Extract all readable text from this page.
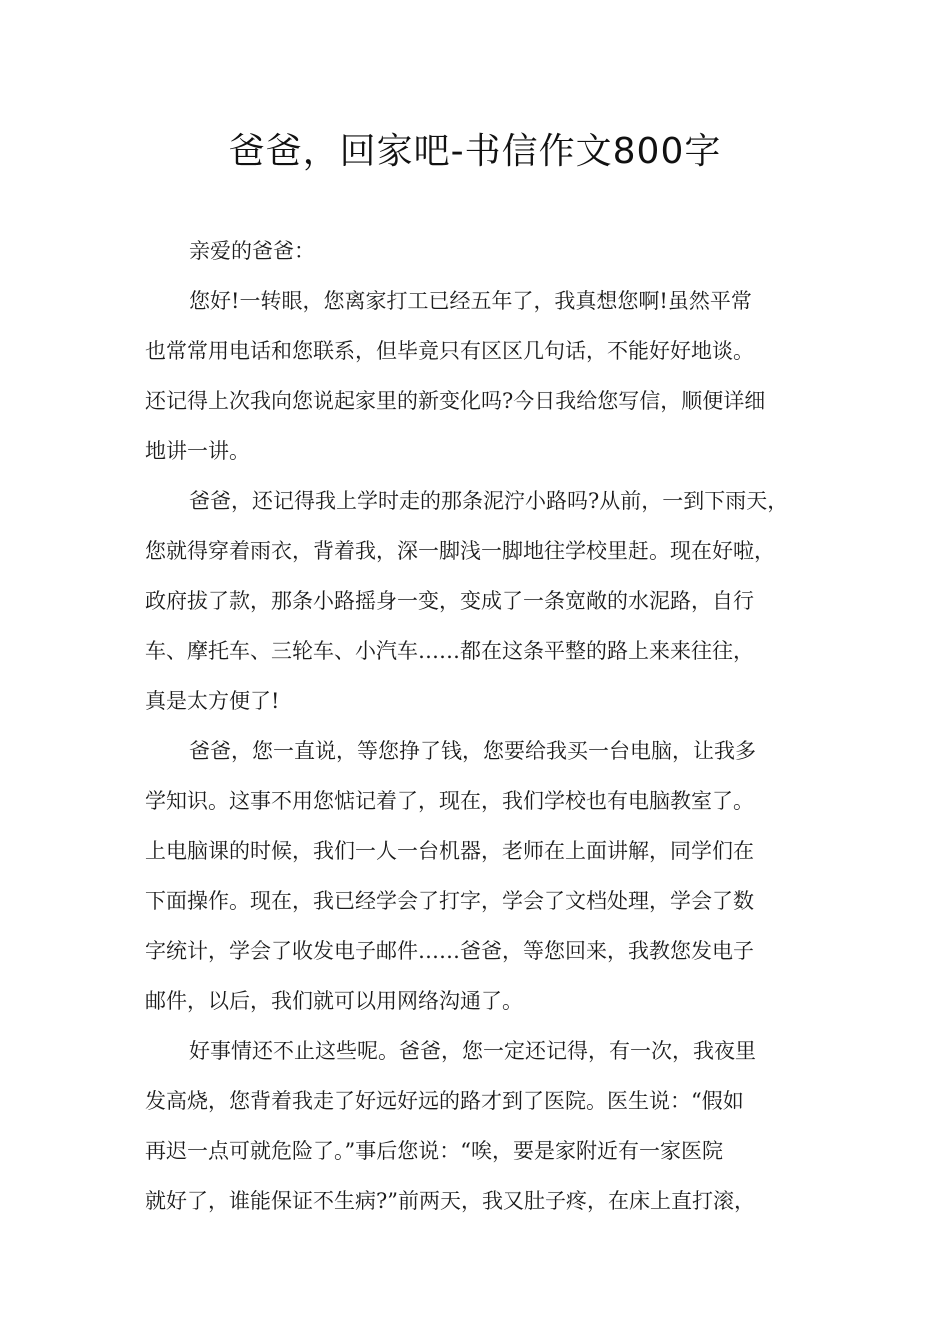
爸爸，回家吧-书信作文800字
亲爱的爸爸：
您好!一转眼，您离家打工已经五年了，我真想您啊!虽然平常
也常常用电话和您联系，但毕竟只有区区几句话，不能好好地谈。
还记得上次我向您说起家里的新变化吗?今日我给您写信，顺便详细
地讲一讲。
爸爸，还记得我上学时走的那条泥泞小路吗?从前，一到下雨天，
您就得穿着雨衣，背着我，深一脚浅一脚地往学校里赶。现在好啦，
政府拔了款，那条小路摇身一变，变成了一条宽敞的水泥路，自行
车、摩托车、三轮车、小汽车……都在这条平整的路上来来往往，
真是太方便了!
爸爸，您一直说，等您挣了钱，您要给我买一台电脑，让我多
学知识。这事不用您惦记着了，现在，我们学校也有电脑教室了。
上电脑课的时候，我们一人一台机器，老师在上面讲解，同学们在
下面操作。现在，我已经学会了打字，学会了文档处理，学会了数
字统计，学会了收发电子邮件……爸爸，等您回来，我教您发电子
邮件，以后，我们就可以用网络沟通了。
好事情还不止这些呢。爸爸，您一定还记得，有一次，我夜里
发高烧，您背着我走了好远好远的路才到了医院。医生说：“假如
再迟一点可就危险了。”事后您说：“唉，要是家附近有一家医院
就好了，谁能保证不生病?”前两天，我又肚子疼，在床上直打滚，
